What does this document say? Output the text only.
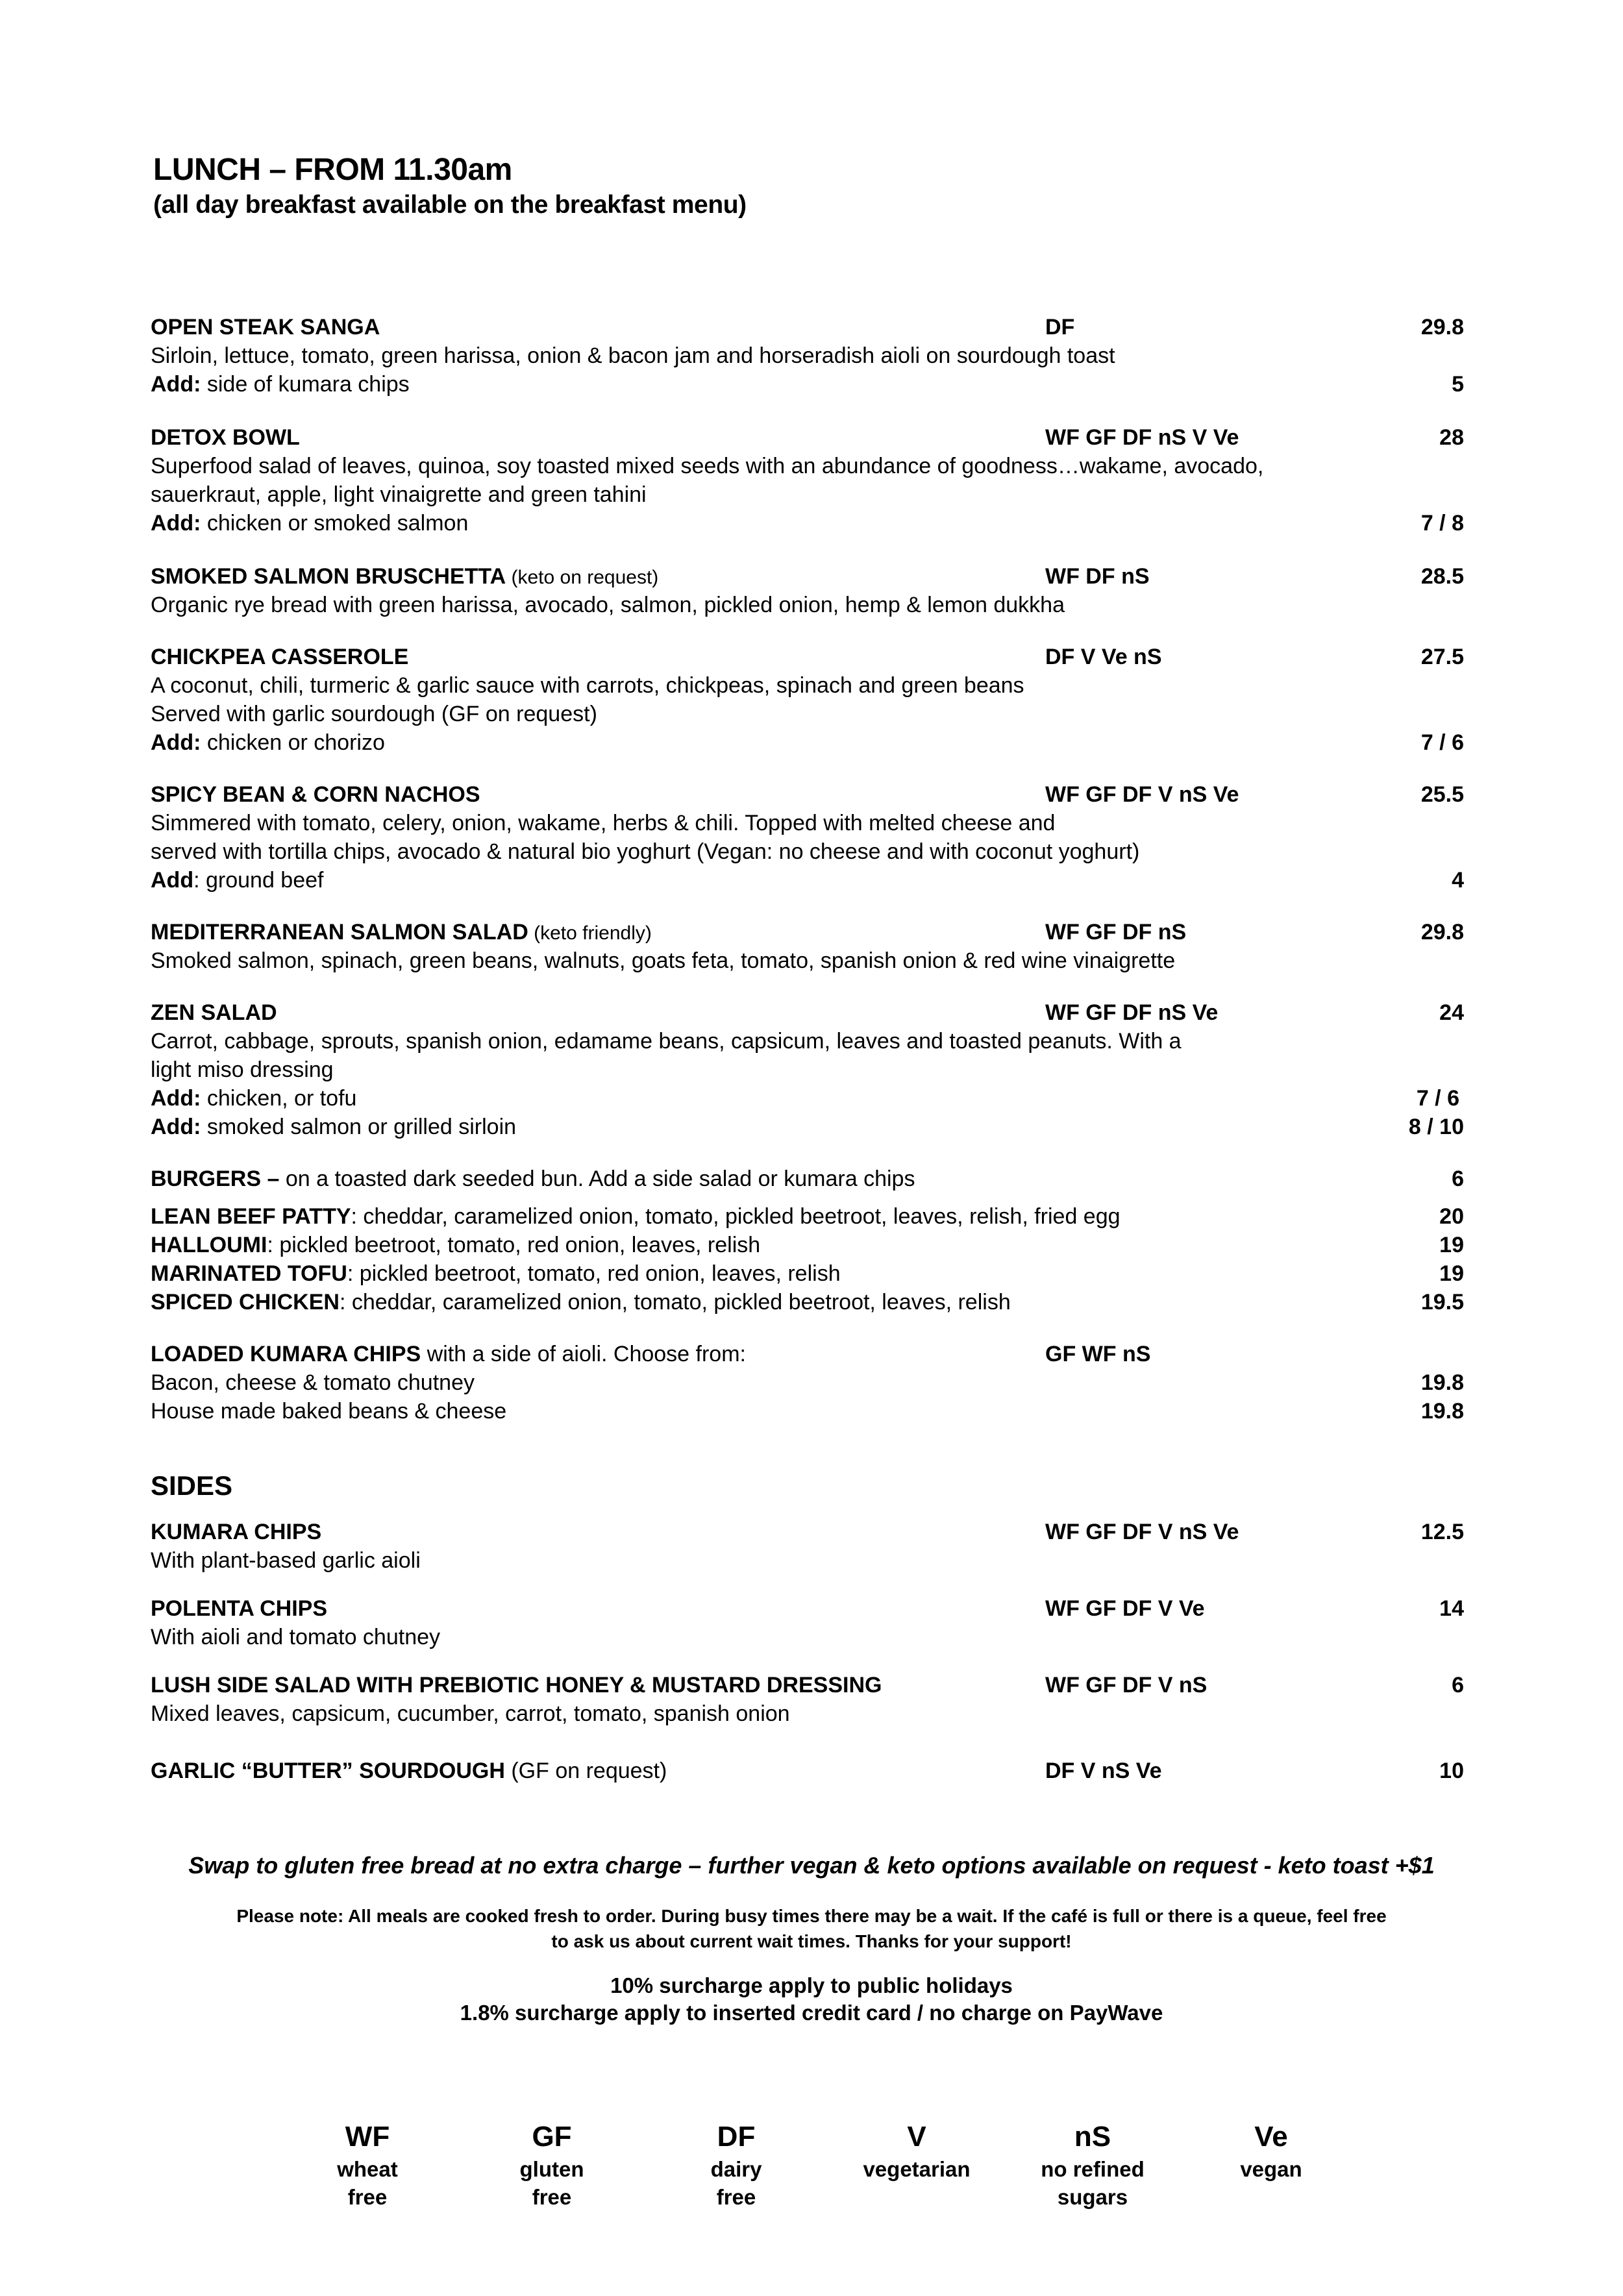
LUNCH – FROM 11.30am
(all day breakfast available on the breakfast menu)
OPEN STEAK SANGA	DF	29.8
Sirloin, lettuce, tomato, green harissa, onion & bacon jam and horseradish aioli on sourdough toast
Add: side of kumara chips	5
DETOX BOWL	WF GF DF nS V Ve	28
Superfood salad of leaves, quinoa, soy toasted mixed seeds with an abundance of goodness…wakame, avocado,
sauerkraut, apple, light vinaigrette and green tahini
Add: chicken or smoked salmon	7 / 8
SMOKED SALMON BRUSCHETTA (keto on request)	WF DF nS	28.5
Organic rye bread with green harissa, avocado, salmon, pickled onion, hemp & lemon dukkha
CHICKPEA CASSEROLE	DF V Ve nS	27.5
A coconut, chili, turmeric & garlic sauce with carrots, chickpeas, spinach and green beans
Served with garlic sourdough (GF on request)
Add: chicken or chorizo	7 / 6
SPICY BEAN & CORN NACHOS	WF GF DF V nS Ve	25.5
Simmered with tomato, celery, onion, wakame, herbs & chili. Topped with melted cheese and
served with tortilla chips, avocado & natural bio yoghurt (Vegan: no cheese and with coconut yoghurt)
Add: ground beef	4
MEDITERRANEAN SALMON SALAD (keto friendly)	WF GF DF nS	29.8
Smoked salmon, spinach, green beans, walnuts, goats feta, tomato, spanish onion & red wine vinaigrette
ZEN SALAD	WF GF DF nS Ve	24
Carrot, cabbage, sprouts, spanish onion, edamame beans, capsicum, leaves and toasted peanuts. With a
light miso dressing
Add: chicken, or tofu	7 / 6
Add: smoked salmon or grilled sirloin	8 / 10
BURGERS – on a toasted dark seeded bun. Add a side salad or kumara chips	6
LEAN BEEF PATTY: cheddar, caramelized onion, tomato, pickled beetroot, leaves, relish, fried egg	20
HALLOUMI: pickled beetroot, tomato, red onion, leaves, relish	19
MARINATED TOFU: pickled beetroot, tomato, red onion, leaves, relish	19
SPICED CHICKEN: cheddar, caramelized onion, tomato, pickled beetroot, leaves, relish	19.5
LOADED KUMARA CHIPS with a side of aioli. Choose from:	GF WF nS
Bacon, cheese & tomato chutney	19.8
House made baked beans & cheese	19.8
SIDES
KUMARA CHIPS	WF GF DF V nS Ve	12.5
With plant-based garlic aioli
POLENTA CHIPS	WF GF DF V Ve	14
With aioli and tomato chutney
LUSH SIDE SALAD WITH PREBIOTIC HONEY & MUSTARD DRESSING	WF GF DF V nS	6
Mixed leaves, capsicum, cucumber, carrot, tomato, spanish onion
GARLIC “BUTTER” SOURDOUGH (GF on request)	DF V nS Ve	10
Swap to gluten free bread at no extra charge – further vegan & keto options available on request - keto toast +$1
Please note: All meals are cooked fresh to order. During busy times there may be a wait. If the café is full or there is a queue, feel free
to ask us about current wait times. Thanks for your support!
10% surcharge apply to public holidays
1.8% surcharge apply to inserted credit card / no charge on PayWave
WF
wheat free
GF
gluten free
DF
dairy free
V
vegetarian
nS
no refined sugars
Ve
vegan
